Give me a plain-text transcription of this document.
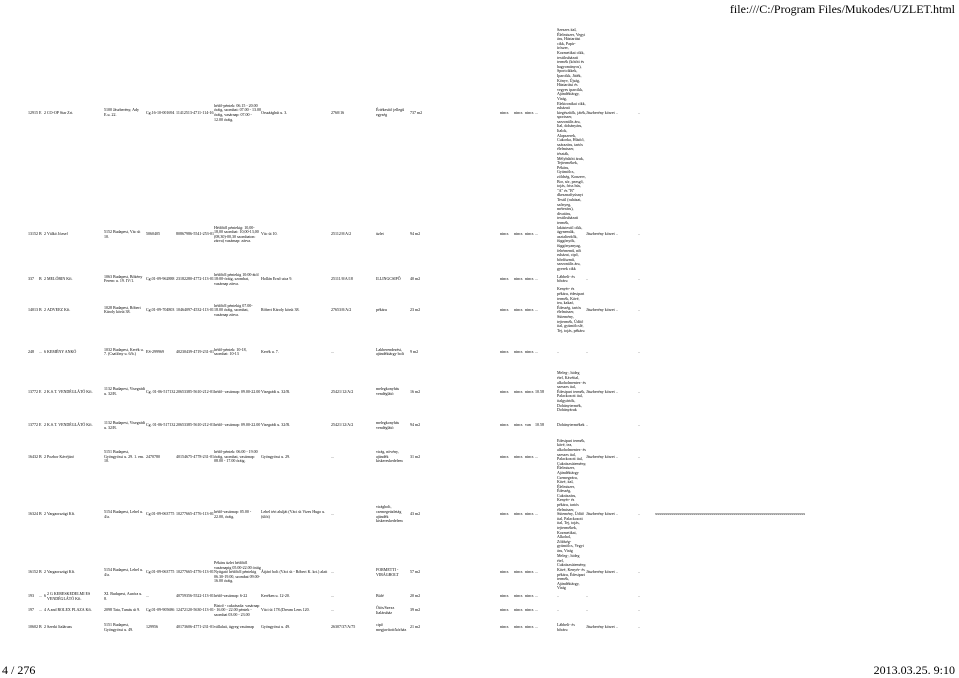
file:///C:/Program Files/Mukodes/UZLET.html
12915	E	2	CO-OP Star Zrt.	5100 Jászberény, Ady E.u. 22.	Cg.16-10-001694	11412513-4711-114-16	hétfő-péntek: 06.15 - 20.00 óráig, szombat: 07.00 - 13.00 óráig, vasárnap: 07.00 - 12.00 óráig.	Orszáághút u. 3.	2760/16	Értékesítő jellegű egység	737 m2	nincs	nincs	nincs	...		Szeszes ital, Élelmiszer, Vegyi áru, Háztartási cikk, Papír-írószer, Kozmetikai cikk, textilruházati termék (kötött és hagyományos), Sportcikkek, Iparcikk, Játék, Könyv, Újság, Háztartási és vegyes iparcikk, Ajándéktárgy, Virág, Elektronikai cikk, ruházati kiegészítők, játék, sportszer, szezonális áru, Ital, dohányáru, Italok, Alapszerek, Cukorka, Hűsítő, szárazáru, tartós élelmiszer, tészták, Mélyhűtött áruk, Tejtermékek, Pékáru, Gyümölcs, zöldség, Konzerv, Bor, sör, pezsgő, tojás, friss hús, "A" és "B" dkesznaftyúsnyt	Jászberény körzet ..	..			
13152	B	2	Válkó József	5152 Budapest, Vác út 10.	5060405	80867986-5541-253-01	Hétfőtől péntekig: 10,00-18,00 szombat: 10,00-13,00 (08,30)-00,30 szombaton: zárva) vasárnap: zárva.	Vác út 10.	25112/0/A/2	üzlet	94 m2	nincs	nincs	nincs	...		Textil (ruházat, szőnyeg, méteráru), divatáru, textilruházati termék, lakástextil cikk, ágyneműk, asztalterítők, függönyök, függönyanyag, fehérnemű, női ruházat, cipő, bőrdíszmű, szezonális áru, gyerek cikk	Jászberény körzet ..	..			
337	B	2	MELÓBIN Kft.	1063 Budapest, Bökény Ferenc u. 19. IV/1.	Cg.01-09-962888	23182280-4772-113-01	hétfőtől péntekig 10:00-ától 18:00-óráig, szombat, vasárnap zárva.	Hollán Ernő utca 9.	25111/0/A/18	ILLINGCSIPŐ	40 m2	nincs	nincs	nincs	...		Lábbeli- és bőráru	..	..			
14013	B	2	ADVEEZ Kft.	1028 Budapest, Róbert Károly körút 38.	Cg.01-09-704803	10464097-4532-113-01	hétfőtől péntekig 07.00-18.00 óráig, szombat, vasárnap zárva.	Róbert Károly körút 38.	27653/0/A/2	pékáru	23 m2	nincs	nincs	nincs	...		Kenyér- és pékáru, édesipari termék, Kávé, tea, kakaó, Édesség, tartós élelmiszer, Sütemény, tejtermék, Üdítő ital, gyümölcslé, Tej, tojás, pékáru	Jászberény körzet ..	..			
248	...	6	KEMÉNY ANKÓ	1032 Budapest, Kerék u. 7. (Csatlóny u. 6/b.)	ES-299969	40230439-4719-231-01	hétfő-péntek: 10-18, szombat: 10-13	Kerék u. 7.	...	Lakberendezési, ajándéktárgy bolt	9 m2	nincs	nincs	nincs	...		..	..	..			
13772	E	2	K.S.T. VENDÉGLÁTÓ Kft.	1132 Budapest, Visegrádi u. 32/B.	Cg. 01-06-517132	20653385-5610-212-01	hétfő- vasárnap: 09.00-22.00	Visegrádi u. 32/B.	25421/12/A/2	melegkonyhás vendéglátó	16 m2	nincs	nincs	nincs	10.58		Meleg-, hideg étel, Kávéital, alkoholmentes- és szeszes ital, Édesipari termék, Palackozott ital, italgyártók, Dohánytermék, Dohányáruk	Jászberény körzet ..	..			
13772	E	2	K.S.T. VENDÉGLÁTÓ Kft.	1132 Budapest, Visegrádi u. 32/B.	Cg. 01-06-517132	20653385-5610-212-01	hétfő- vasárnap: 09.00-22.00	Visegrádi u. 32/B.	25421/12/A/2	melegkonyhás vendéglátó	94 m2	nincs	nincs	van	10.58		Dohánytermékek	..	..			
16432	B	2	Pozbor Kávéjáró	5151 Budapest, Gyöngyössi u. 29. 1. em. 10.	2470780	40154675-4778-231-01	hétfő-péntek: 06.00 - 19.00 óráig, szombat, vasárnap: 08.00 - 17.00 óráig.	Gyöngyössi u. 29.	...	virág, növény, ajándék kiskereskedelem	31 m2	nincs	nincs	nincs	...		Édesipari termék, kávé, tea, alkoholmentes- és szeszes ital, Palackozott ital, Cukrászsütemény, Élelmiszer, Ajándéktárgy	Jászberény körzet ..	..			
16324	B	2	Vargaországi Kft.	5154 Budapest, Lehel u. 4/a.	Cg.01-09-063775	10277665-4776-113-01	hétfő-vasárnap: 05.00 - 22.00, óráig.	Lehel téri alulját (Váci út Vizes Hugo u. (ülöt)	...	virágbolt, csemegeüzletág ajándék kiskereskedelem	43 m2	nincs	nincs	nincs	...		Csemegeáru, Kávé, ital, Élelmiszer, Édesség, Cukrászáru, Kenyér- és pékáru, tartós élelmiszer, Sütemény, Üdítő ital, Palackozott ital, Tej, tojás, tejtermékek, Kozmetikai, Alkohol, Zöldség-gyümölcs, Vegyi áru, Virág	Jászberény körzet ..	..	xxxxxxxxxxxxxxxxxxxxxxxxxxxxxxxxxxxxxxxxxxxxxxxxxxxxxxxxxxxxxxxxxxxxxxxxxxx		
16152	B	2	Vargaországi Kft.	5154 Budapest, Lehel u. 4/a.	Cg.01-09-063775	10277665-4776-113-01	Pékáru üzlet hétfőtől vasárnapig 05.00-22.00 óráig Nyitgató hétfőtől péntekig 06.30-19.00, szombat 09.00-16.00 óráig.	Átjáró bolt (Váci út - Róbert K. krt.) alatt	...	FORMETTI - VIRÁGBOLT	57 m2	nincs	nincs	nincs	...		Meleg-, hideg étel, Cukrászsütemény, Kávé, Kenyér- és pékáru, Édesipari termék, Ajándéktárgy, Virág	Jászberény körzet ..	..			
193	...	6	2 G KERESKEDELMI ÉS VENDÉGLÁTÓ Kft.	XI. Budapest, Auróra u. 8.	...	40759356-5522-113-01	hétfő-vasárnap: 6-22	Keréken u. 12-20.	...	Büfé	20 m2	nincs	nincs	nincs	...		..	..	..			
197	...	4	A and ROLEX PLAZA Kft.	2098 Tata, Tamás út 9.	Cg.01-09-905686	12472120-5630-113-01	Bistrő - cukrászda: vasárnap - 16.00 - 22.00 péntek - szombat 03.00 - 23.00	Váci út 178.(Dream Lens 120.	...	Ötös/Szexz Italáruház	39 m2	nincs	nincs	nincs	...		..	..	..			
10602	B	2	Szerki Italáruzs	5151 Budapest, Gyöngyössi u. 49.	129956	40173606-4771-231-01	vállalati, ügyeg vasárnap	Gyöngyössi u. 49.	26307/37/A/75	cipő megjavított/kórház	21 m2	nincs	nincs	nincs	...		Lábbeli- és bőráru	Jászberény körzet ..	..			
4 / 276	2013.03.25. 9:10
